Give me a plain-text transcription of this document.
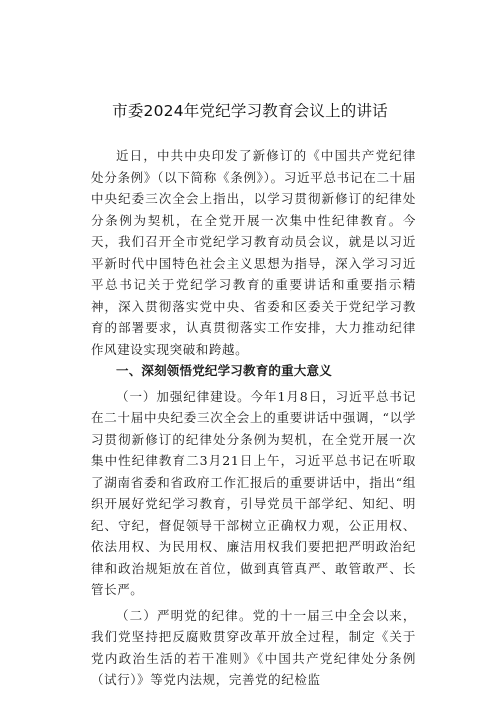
市委2024年党纪学习教育会议上的讲话

近日，中共中央印发了新修订的《中国共产党纪律处分条例》（以下简称《条例》）。习近平总书记在二十届中央纪委三次全会上指出，以学习贯彻新修订的纪律处分条例为契机，在全党开展一次集中性纪律教育。今天，我们召开全市党纪学习教育动员会议，就是以习近平新时代中国特色社会主义思想为指导，深入学习习近平总书记关于党纪学习教育的重要讲话和重要指示精神，深入贯彻落实党中央、省委和区委关于党纪学习教育的部署要求，认真贯彻落实工作安排，大力推动纪律作风建设实现突破和跨越。

一、深刻领悟党纪学习教育的重大意义

（一）加强纪律建设。今年1月8日，习近平总书记在二十届中央纪委三次全会上的重要讲话中强调，“以学习贯彻新修订的纪律处分条例为契机，在全党开展一次集中性纪律教育二3月21日上午，习近平总书记在听取了湖南省委和省政府工作汇报后的重要讲话中，指出“组织开展好党纪学习教育，引导党员干部学纪、知纪、明纪、守纪，督促领导干部树立正确权力观，公正用权、依法用权、为民用权、廉洁用权我们要把把严明政治纪律和政治规矩放在首位，做到真管真严、敢管敢严、长管长严。

（二）严明党的纪律。党的十一届三中全会以来，我们党坚持把反腐败贯穿改革开放全过程，制定《关于党内政治生活的若干准则》《中国共产党纪律处分条例（试行）》等党内法规，完善党的纪检监
